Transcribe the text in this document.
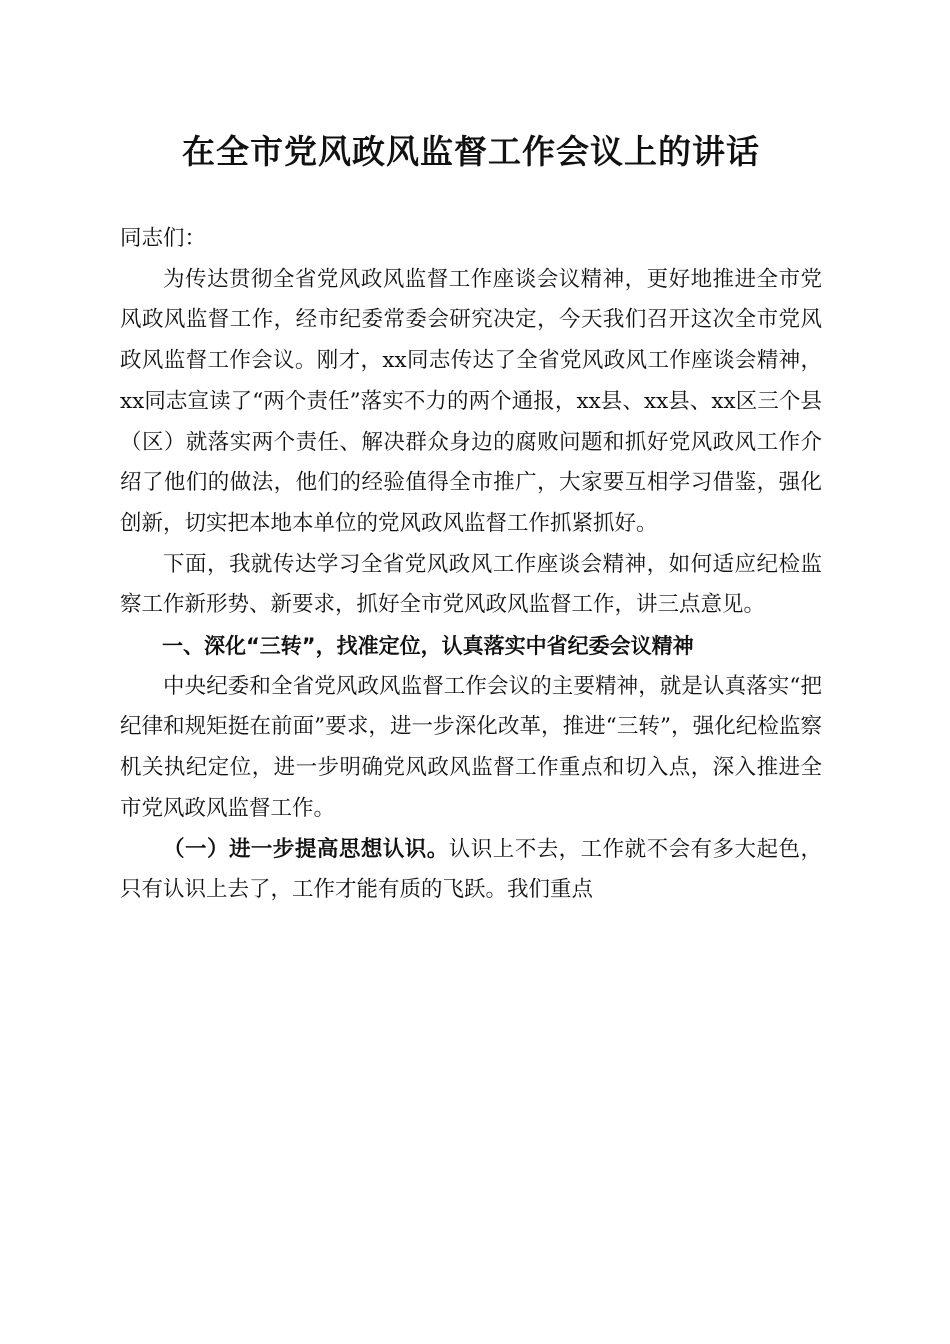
在全市党风政风监督工作会议上的讲话

同志们：

为传达贯彻全省党风政风监督工作座谈会议精神，更好地推进全市党风政风监督工作，经市纪委常委会研究决定，今天我们召开这次全市党风政风监督工作会议。刚才，xx同志传达了全省党风政风工作座谈会精神，xx同志宣读了“两个责任”落实不力的两个通报，xx县、xx县、xx区三个县（区）就落实两个责任、解决群众身边的腐败问题和抓好党风政风工作介绍了他们的做法，他们的经验值得全市推广，大家要互相学习借鉴，强化创新，切实把本地本单位的党风政风监督工作抓紧抓好。

下面，我就传达学习全省党风政风工作座谈会精神，如何适应纪检监察工作新形势、新要求，抓好全市党风政风监督工作，讲三点意见。

一、深化“三转”，找准定位，认真落实中省纪委会议精神

中央纪委和全省党风政风监督工作会议的主要精神，就是认真落实“把纪律和规矩挺在前面”要求，进一步深化改革，推进“三转”，强化纪检监察机关执纪定位，进一步明确党风政风监督工作重点和切入点，深入推进全市党风政风监督工作。

（一）进一步提高思想认识。认识上不去，工作就不会有多大起色，只有认识上去了，工作才能有质的飞跃。我们重点
